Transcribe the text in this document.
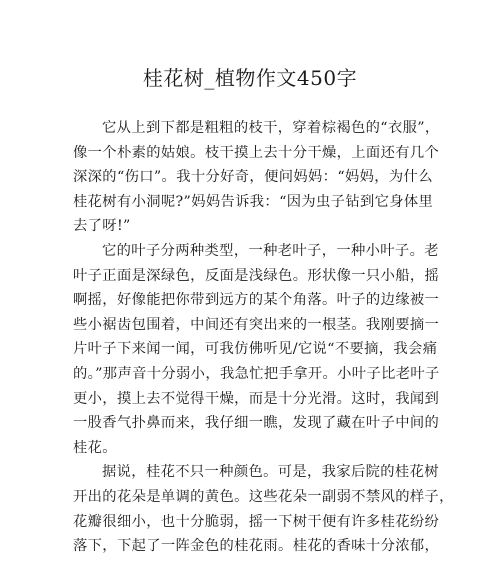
桂花树_植物作文450字
它从上到下都是粗粗的枝干，穿着棕褐色的“衣服”，
像一个朴素的姑娘。枝干摸上去十分干燥，上面还有几个
深深的“伤口”。我十分好奇，便问妈妈：“妈妈，为什么
桂花树有小洞呢?”妈妈告诉我：“因为虫子钻到它身体里
去了呀!”
它的叶子分两种类型，一种老叶子，一种小叶子。老
叶子正面是深绿色，反面是浅绿色。形状像一只小船，摇
啊摇，好像能把你带到远方的某个角落。叶子的边缘被一
些小裾齿包围着，中间还有突出来的一根茎。我刚要摘一
片叶子下来闻一闻，可我仿佛听见/它说“不要摘，我会痛
的。”那声音十分弱小，我急忙把手拿开。小叶子比老叶子
更小，摸上去不觉得干燥，而是十分光滑。这时，我闻到
一股香气扑鼻而来，我仔细一瞧，发现了藏在叶子中间的
桂花。
据说，桂花不只一种颜色。可是，我家后院的桂花树
开出的花朵是单调的黄色。这些花朵一副弱不禁风的样子，
花瓣很细小，也十分脆弱，摇一下树干便有许多桂花纷纷
落下，下起了一阵金色的桂花雨。桂花的香味十分浓郁，
